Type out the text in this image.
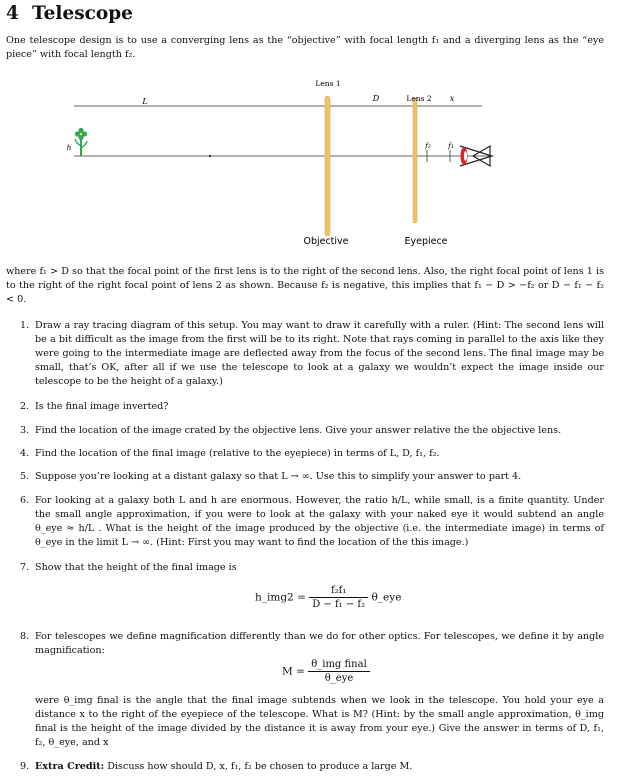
4 Telescope
One telescope design is to use a converging lens as the “objective” with focal length f₁ and a diverging lens as the “eye piece” with focal length f₂.
L	D	x
Lens 1
Lens 2
h	f₂ f₁
Objective	Eyepiece
where f₁ > D so that the focal point of the first lens is to the right of the second lens. Also, the right focal point of lens 1 is to the right of the right focal point of lens 2 as shown. Because f₂ is negative, this implies that f₁ − D > −f₂ or D − f₁ − f₂ < 0.
1. Draw a ray tracing diagram of this setup. You may want to draw it carefully with a ruler. (Hint: The second lens will be a bit difficult as the image from the first will be to its right. Note that rays coming in parallel to the axis like they were going to the intermediate image are deflected away from the focus of the second lens. The final image may be small, that’s OK, after all if we use the telescope to look at a galaxy we wouldn’t expect the image inside our telescope to be the height of a galaxy.)
2. Is the final image inverted?
3. Find the location of the image crated by the objective lens. Give your answer relative the the objective lens.
4. Find the location of the final image (relative to the eyepiece) in terms of L, D, f₁, f₂.
5. Suppose you’re looking at a distant galaxy so that L → ∞. Use this to simplify your answer to part 4.
6. For looking at a galaxy both L and h are enormous. However, the ratio h/L, while small, is a finite quantity. Under the small angle approximation, if you were to look at the galaxy with your naked eye it would subtend an angle θ_eye ≈ h/L . What is the height of the image produced by the objective (i.e. the intermediate image) in terms of θ_eye in the limit L → ∞. (Hint: First you may want to find the location of the this image.)
7. Show that the height of the final image is
h_img2 = $\frac{\text{f₂f₁}}{\text{D − f₁ − f₂}}$ θ_eye
8. For telescopes we define magnification differently than we do for other optics. For telescopes, we define it by angle magnification:
$M = \frac{\text{θ\_img final}}{\text{θ\_eye}}$
were θ_img final is the angle that the final image subtends when we look in the telescope. You hold your eye a distance x to the right of the eyepiece of the telescope. What is M? (Hint: by the small angle approximation, θ_img final is the height of the image divided by the distance it is away from your eye.) Give the answer in terms of D, f₁, f₂, θ_eye, and x
9. Extra Credit: Discuss how should D, x, f₁, f₂ be chosen to produce a large M.
